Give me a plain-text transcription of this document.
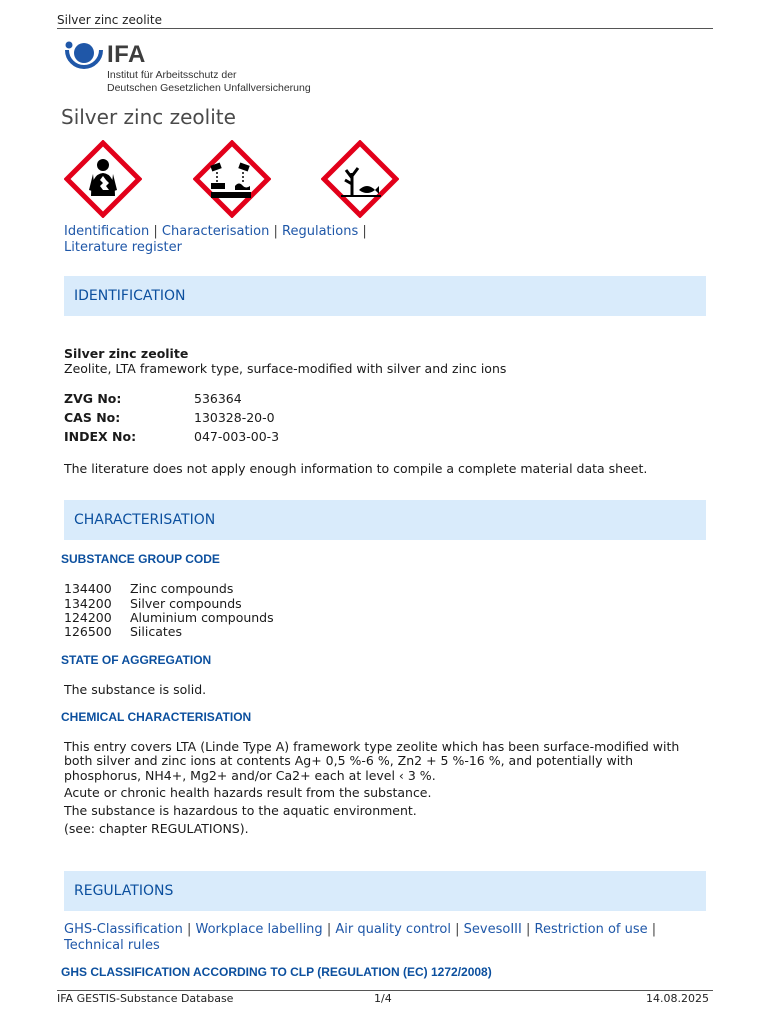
Silver zinc zeolite
IFA
Institut für Arbeitsschutz der
Deutschen Gesetzlichen Unfallversicherung
Silver zinc zeolite
Identification | Characterisation | Regulations |
Literature register
IDENTIFICATION
Silver zinc zeolite
Zeolite, LTA framework type, surface-modified with silver and zinc ions
ZVG No:	536364
CAS No:	130328-20-0
INDEX No:	047-003-00-3
The literature does not apply enough information to compile a complete material data sheet.
CHARACTERISATION
SUBSTANCE GROUP CODE
134400 Zinc compounds
134200 Silver compounds
124200 Aluminium compounds
126500 Silicates
STATE OF AGGREGATION
The substance is solid.
CHEMICAL CHARACTERISATION
This entry covers LTA (Linde Type A) framework type zeolite which has been surface-modified with
both silver and zinc ions at contents Ag+ 0,5 %-6 %, Zn2 + 5 %-16 %, and potentially with
phosphorus, NH4+, Mg2+ and/or Ca2+ each at level ‹ 3 %.
Acute or chronic health hazards result from the substance.
The substance is hazardous to the aquatic environment.
(see: chapter REGULATIONS).
REGULATIONS
GHS-Classification | Workplace labelling | Air quality control | SevesoIII | Restriction of use |
Technical rules
GHS CLASSIFICATION ACCORDING TO CLP (REGULATION (EC) 1272/2008)
IFA GESTIS-Substance Database	1/4	14.08.2025
